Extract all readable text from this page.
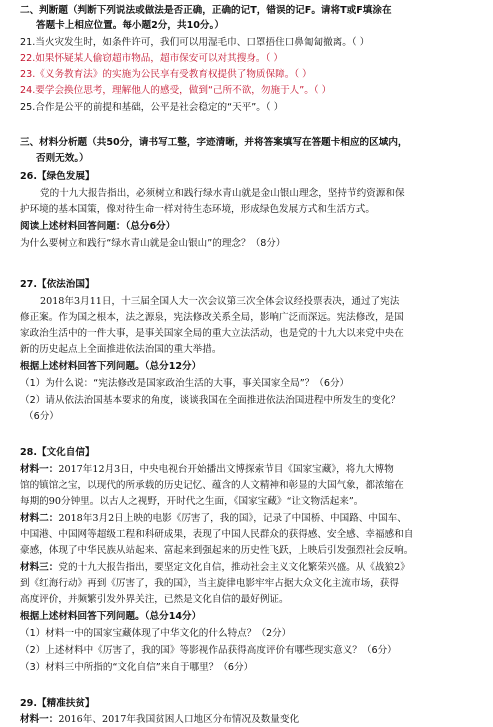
二、判断题（判断下列说法或做法是否正确，正确的记T，错误的记F。请将T或F填涂在
答题卡上相应位置。每小题2分，共10分。）
21.当火灾发生时，如条件许可，我们可以用湿毛巾、口罩捂住口鼻匍匐撤离。（ ）
22.如果怀疑某人偷窃超市物品，超市保安可以对其搜身。（ ）
23.《义务教育法》的实施为公民享有受教育权提供了物质保障。（ ）
24.要学会换位思考，理解他人的感受，做到“己所不欲，勿施于人”。（ ）
25.合作是公平的前提和基础，公平是社会稳定的“天平”。（ ）
三、材料分析题（共50分，请书写工整，字迹清晰，并将答案填写在答题卡相应的区域内，
否则无效。）
26.【绿色发展】
党的十九大报告指出，必须树立和践行绿水青山就是金山银山理念，坚持节约资源和保
护环境的基本国策，像对待生命一样对待生态环境，形成绿色发展方式和生活方式。
阅读上述材料回答问题：（总分6分）
为什么要树立和践行“绿水青山就是金山银山”的理念？（8分）
27.【依法治国】
2018年3月11日，十三届全国人大一次会议第三次全体会议经投票表决，通过了宪法
修正案。作为国之根本，法之源泉，宪法修改关系全局，影响广泛而深远。宪法修改，是国
家政治生活中的一件大事，是事关国家全局的重大立法活动，也是党的十九大以来党中央在
新的历史起点上全面推进依法治国的重大举措。
根据上述材料回答下列问题。（总分12分）
（1）为什么说：“宪法修改是国家政治生活的大事，事关国家全局”？（6分）
（2）请从依法治国基本要求的角度，谈谈我国在全面推进依法治国进程中所发生的变化？
（6分）
28.【文化自信】
材料一：2017年12月3日，中央电视台开始播出文博探索节目《国家宝藏》，将九大博物
馆的镇馆之宝，以现代的所承载的历史记忆、蕴含的人文精神和彰显的大国气象，都浓缩在
每期的90分钟里。以古人之视野，开时代之生面，《国家宝藏》“让文物活起来”。
材料二：2018年3月2日上映的电影《厉害了，我的国》，记录了中国桥、中国路、中国车、
中国港、中国网等超级工程和科研成果，表现了中国人民群众的获得感、安全感、幸福感和自
豪感，体现了中华民族从站起来、富起来到强起来的历史性飞跃，上映后引发强烈社会反响。
材料三：党的十九大报告指出，要坚定文化自信，推动社会主义文化繁荣兴盛。从《战狼2》
到《红海行动》再到《厉害了，我的国》，当主旋律电影牢牢占据大众文化主流市场，获得
高度评价，并频繁引发外界关注，已然是文化自信的最好例证。
根据上述材料回答下列问题。（总分14分）
（1）材料一中的国家宝藏体现了中华文化的什么特点？（2分）
（2）上述材料中《厉害了，我的国》等影视作品获得高度评价有哪些现实意义？（6分）
（3）材料三中所指的“文化自信”来自于哪里？（6分）
29.【精准扶贫】
材料一：2016年、2017年我国贫困人口地区分布情况及数量变化
